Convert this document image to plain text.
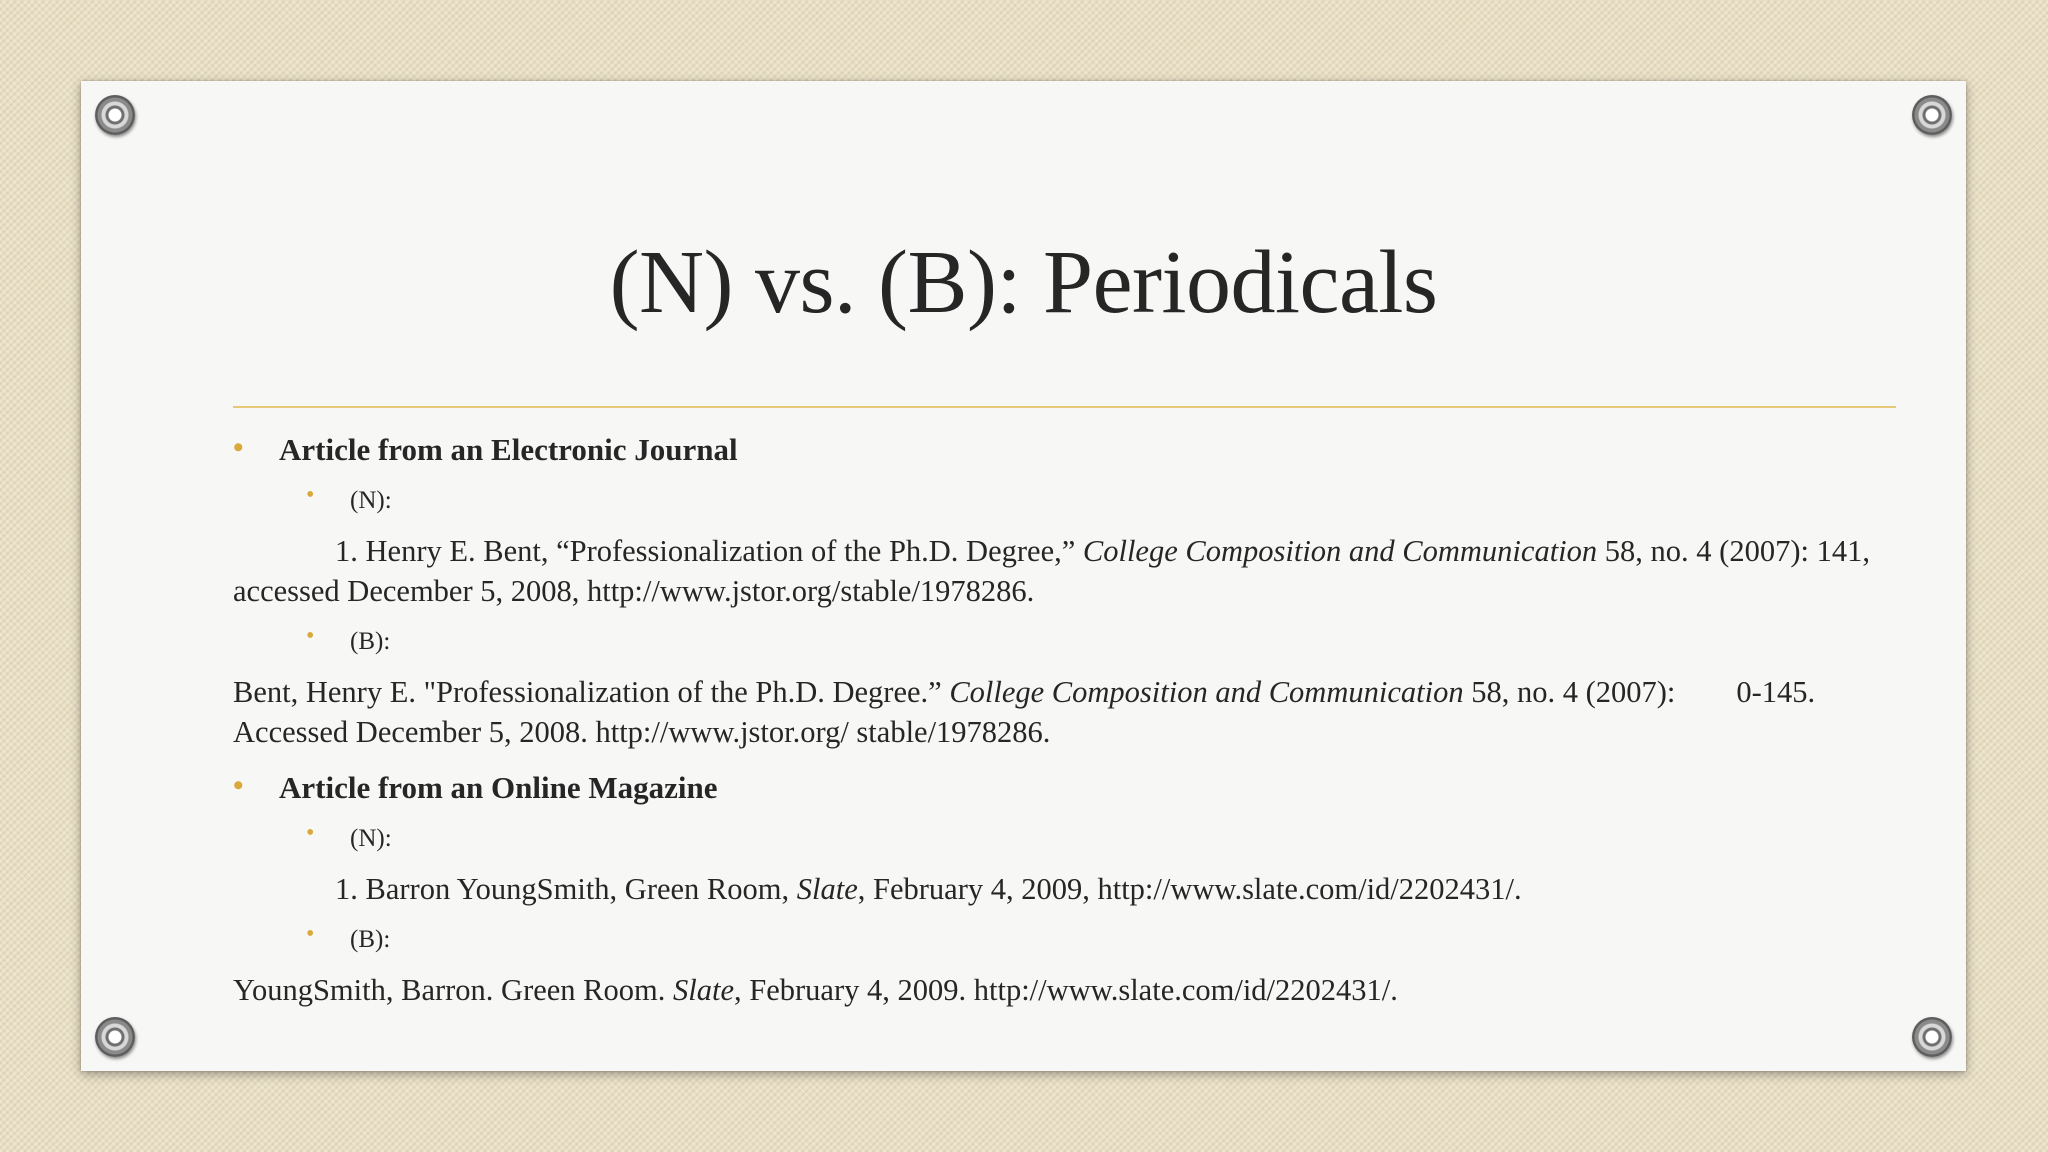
(N) vs. (B): Periodicals
• Article from an Electronic Journal
• (N):
1. Henry E. Bent, “Professionalization of the Ph.D. Degree,” College Composition and Communication 58, no. 4 (2007): 141, accessed December 5, 2008, http://www.jstor.org/stable/1978286.
• (B):
Bent, Henry E. "Professionalization of the Ph.D. Degree.” College Composition and Communication 58, no. 4 (2007):        0-145. Accessed December 5, 2008. http://www.jstor.org/ stable/1978286.
• Article from an Online Magazine
• (N):
1. Barron YoungSmith, Green Room, Slate, February 4, 2009, http://www.slate.com/id/2202431/.
• (B):
YoungSmith, Barron. Green Room. Slate, February 4, 2009. http://www.slate.com/id/2202431/.
